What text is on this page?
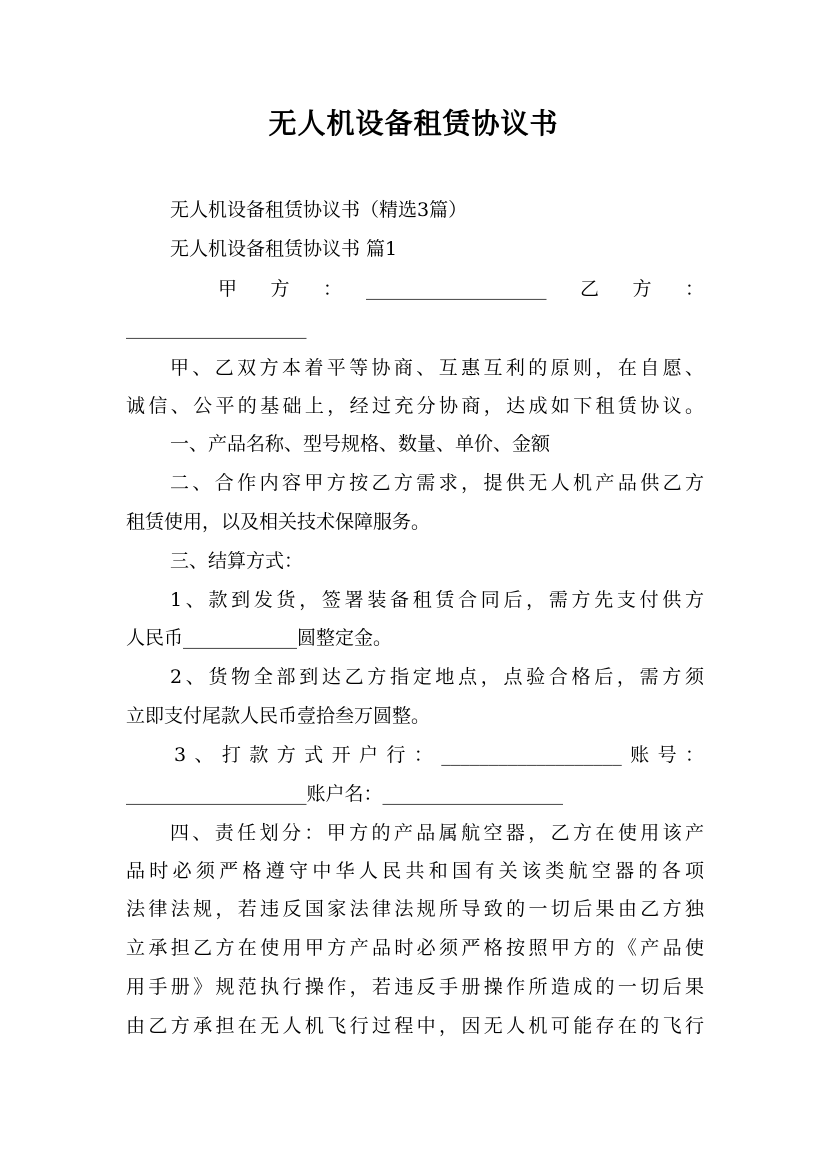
无人机设备租赁协议书
无人机设备租赁协议书（精选3篇）
无人机设备租赁协议书 篇1
甲　方　：　___________________　乙　方　：
___________________
甲、乙双方本着平等协商、互惠互利的原则，在自愿、
诚信、公平的基础上，经过充分协商，达成如下租赁协议。
一、产品名称、型号规格、数量、单价、金额
二、合作内容甲方按乙方需求，提供无人机产品供乙方
租赁使用，以及相关技术保障服务。
三、结算方式：
1、款到发货，签署装备租赁合同后，需方先支付供方
人民币____________圆整定金。
2、货物全部到达乙方指定地点，点验合格后，需方须
立即支付尾款人民币壹拾叁万圆整。
3、打款方式开户行：___________________账号：
___________________账户名：___________________
四、责任划分：甲方的产品属航空器，乙方在使用该产
品时必须严格遵守中华人民共和国有关该类航空器的各项
法律法规，若违反国家法律法规所导致的一切后果由乙方独
立承担乙方在使用甲方产品时必须严格按照甲方的《产品使
用手册》规范执行操作，若违反手册操作所造成的一切后果
由乙方承担在无人机飞行过程中，因无人机可能存在的飞行
